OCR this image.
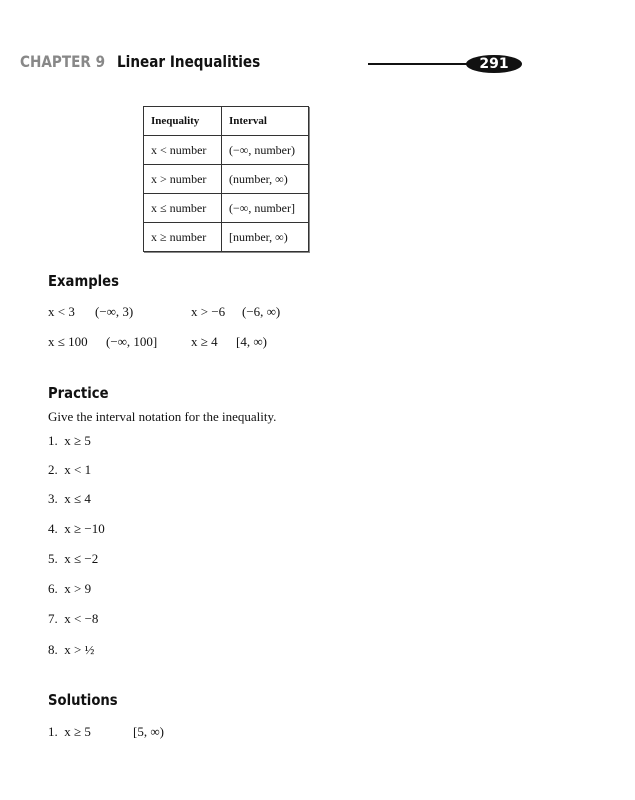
CHAPTER 9 Linear Inequalities	291
Inequality	Interval
x < number	(−∞, number)
x > number	(number, ∞)
x ≤ number	(−∞, number]
x ≥ number	[number, ∞)
Examples
x < 3 (−∞, 3)	x > −6 (−6, ∞)
x ≤ 100 (−∞, 100]	x ≥ 4 [4, ∞)
Practice
Give the interval notation for the inequality.
1.  x ≥ 5
2.  x < 1
3.  x ≤ 4
4.  x ≥ −10
5.  x ≤ −2
6.  x > 9
7.  x < −8
8.  x > ½
Solutions
1.  x ≥ 5	[5, ∞)
